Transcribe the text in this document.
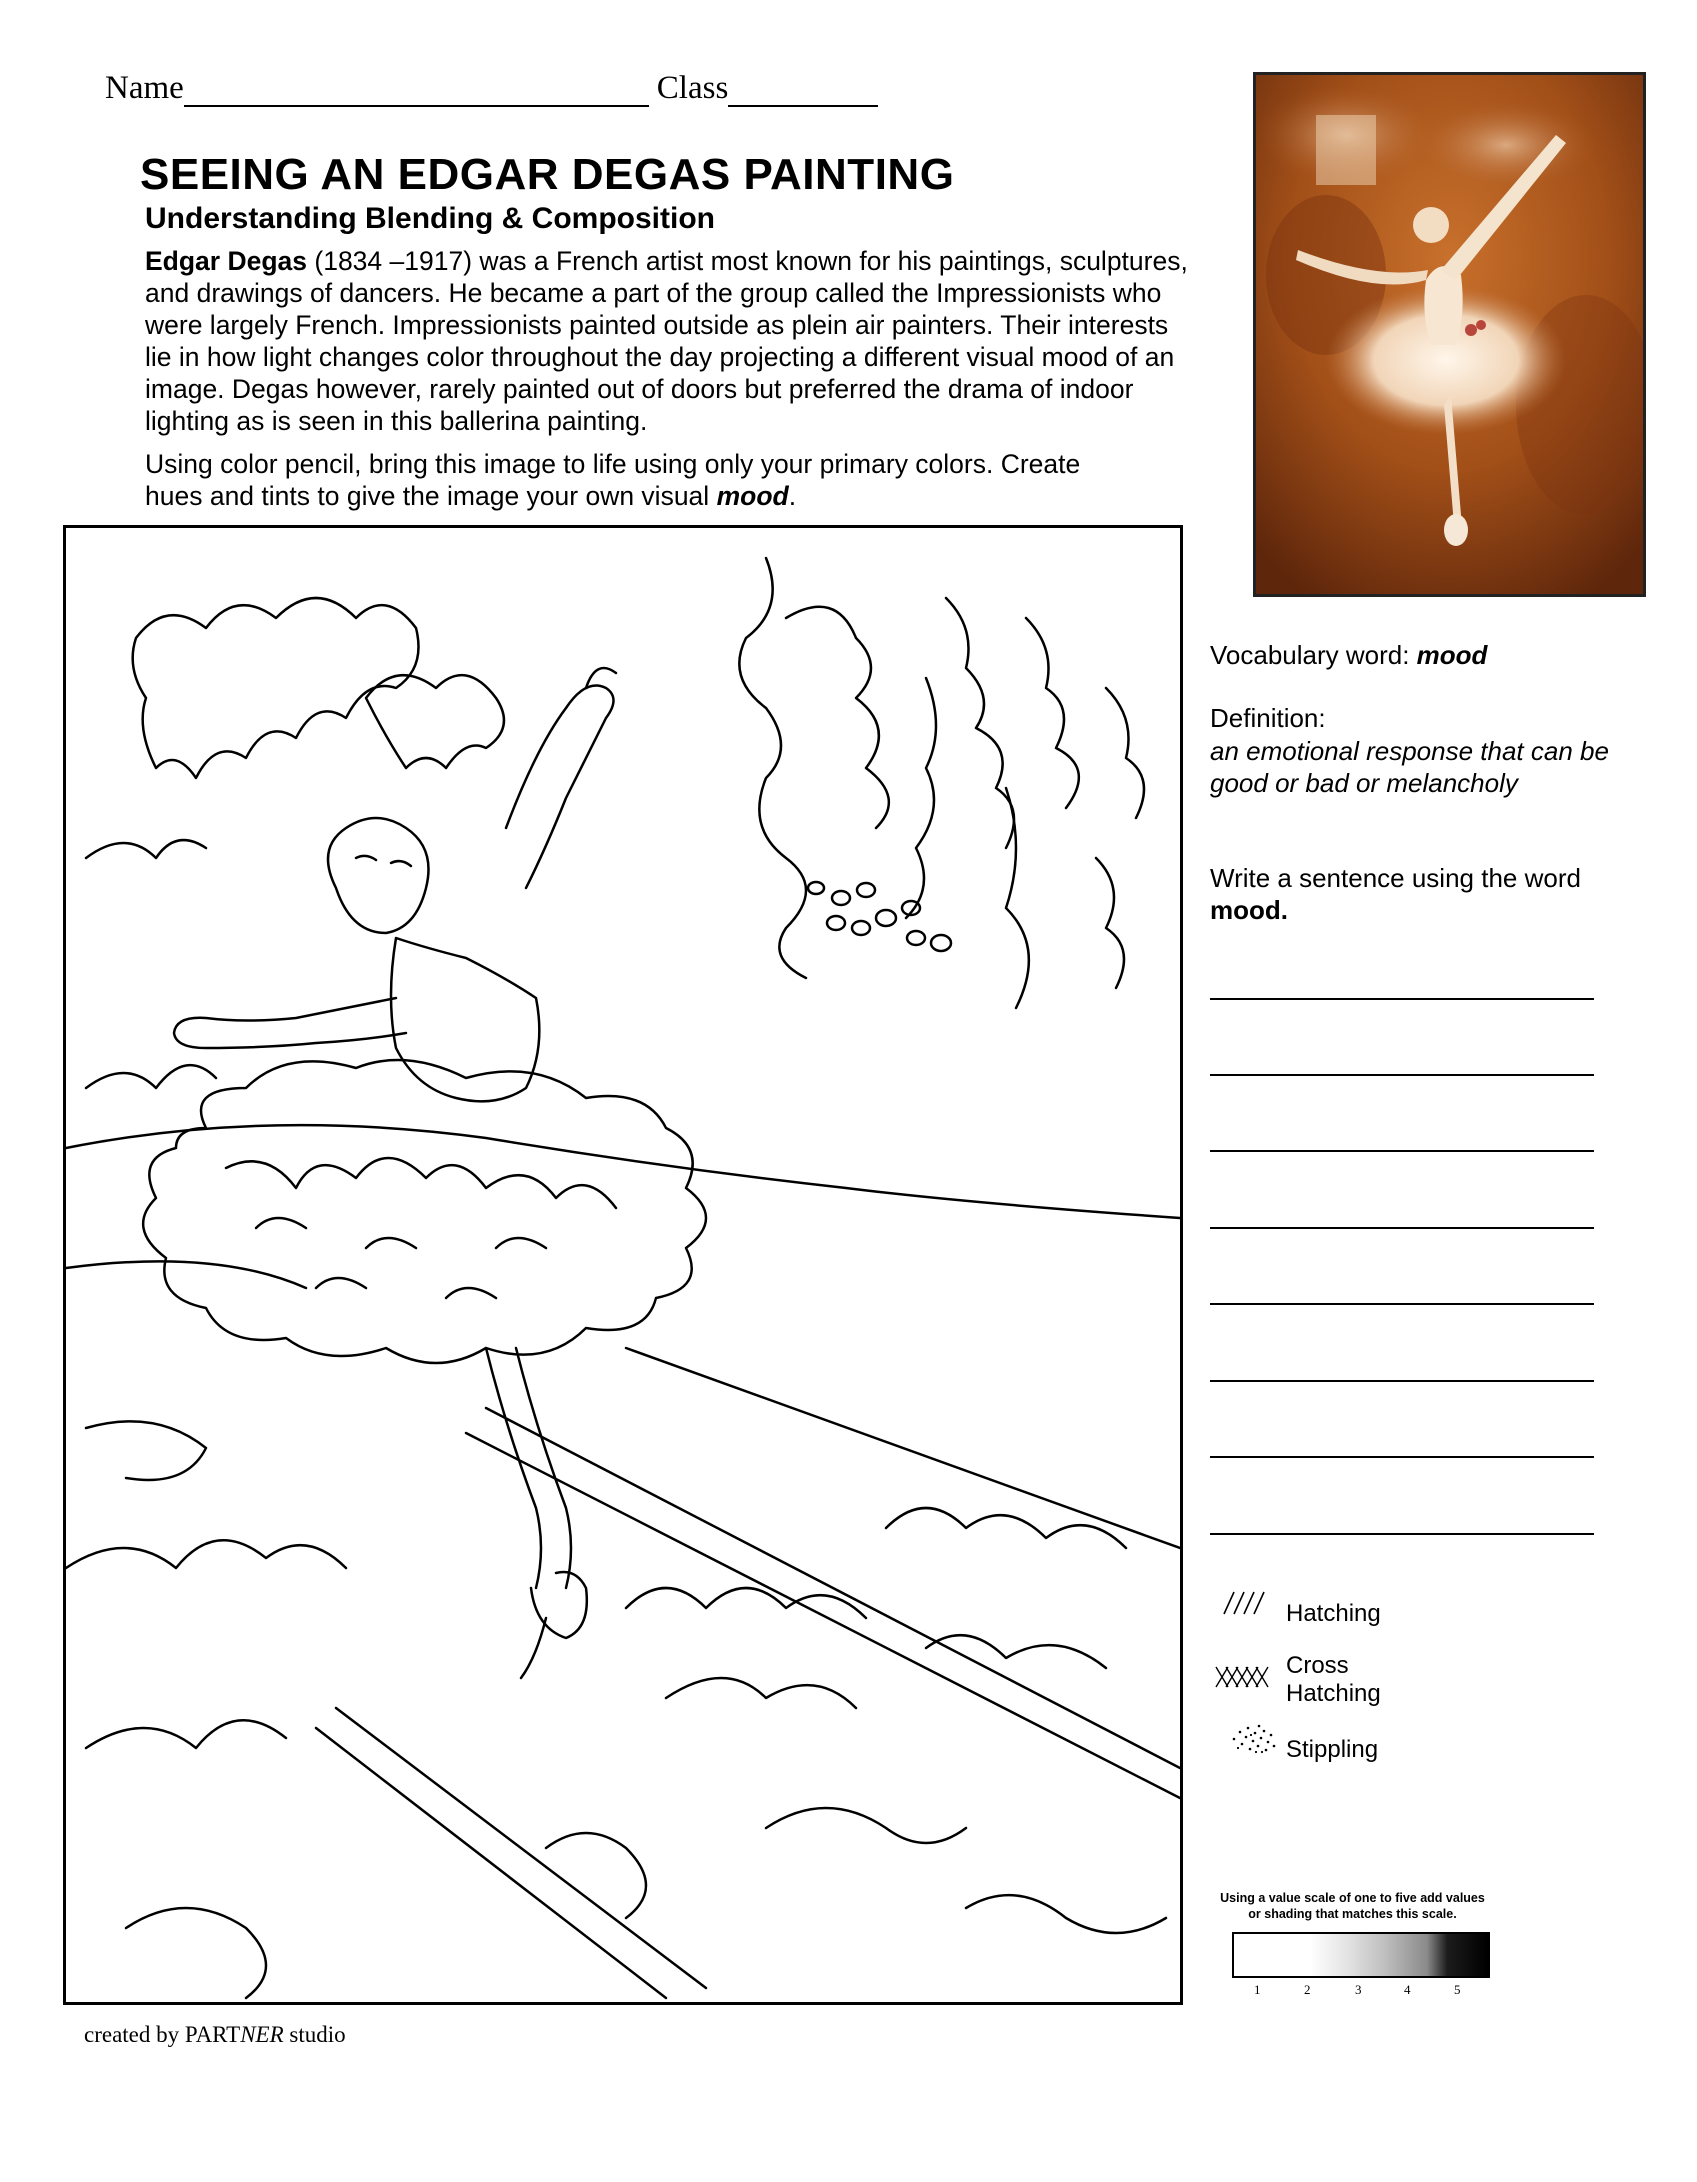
Name	Class
SEEING AN EDGAR DEGAS PAINTING
Understanding Blending & Composition
Edgar Degas (1834 –1917) was a French artist most known for his paintings, sculptures, and drawings of dancers. He became a part of the group called the Impressionists who were largely French. Impressionists painted outside as plein air painters. Their interests lie in how light changes color throughout the day projecting a different visual mood of an image. Degas however, rarely painted out of doors but preferred the drama of indoor lighting as is seen in this ballerina painting.
Using color pencil, bring this image to life using only your primary colors. Create hues and tints to give the image your own visual mood.
Vocabulary word: mood
Definition:
an emotional response that can be good or bad or melancholy
Write a sentence using the word mood.
Hatching
Cross Hatching
Stippling
Using a value scale of one to five add values or shading that matches this scale.
1	2	3	4	5
created by PARTNER studio
